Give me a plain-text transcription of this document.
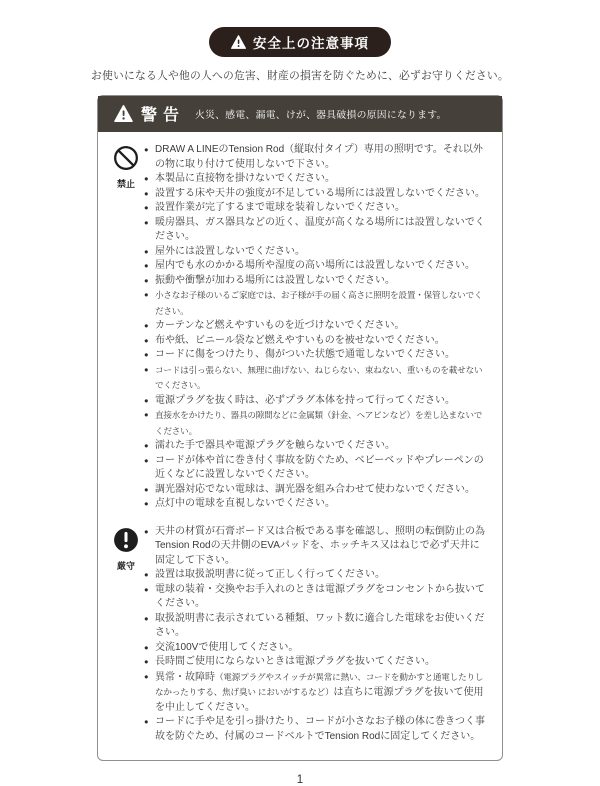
安全上の注意事項
お使いになる人や他の人への危害、財産の損害を防ぐために、必ずお守りください。
警告 火災、感電、漏電、けが、器具破損の原因になります。
禁止
● DRAW A LINEのTension Rod（縦取付タイプ）専用の照明です。それ以外の物に取り付けて使用しないで下さい。
● 本製品に直接物を掛けないでください。
● 設置する床や天井の強度が不足している場所には設置しないでください。
● 設置作業が完了するまで電球を装着しないでください。
● 暖房器具、ガス器具などの近く、温度が高くなる場所には設置しないでください。
● 屋外には設置しないでください。
● 屋内でも水のかかる場所や湿度の高い場所には設置しないでください。
● 振動や衝撃が加わる場所には設置しないでください。
● 小さなお子様のいるご家庭では、お子様が手の届く高さに照明を設置・保管しないでください。
● カーテンなど燃えやすいものを近づけないでください。
● 布や紙、ビニール袋など燃えやすいものを被せないでください。
● コードに傷をつけたり、傷がついた状態で通電しないでください。
● コードは引っ張らない、無理に曲げない、ねじらない、束ねない、重いものを載せないでください。
● 電源プラグを抜く時は、必ずプラグ本体を持って行ってください。
● 直接水をかけたり、器具の隙間などに金属類（針金、ヘアピンなど）を差し込まないでください。
● 濡れた手で器具や電源プラグを触らないでください。
● コードが体や首に巻き付く事故を防ぐため、ベビーベッドやプレーペンの近くなどに設置しないでください。
● 調光器対応でない電球は、調光器を組み合わせて使わないでください。
● 点灯中の電球を直視しないでください。
厳守
● 天井の材質が石膏ボード又は合板である事を確認し、照明の転倒防止の為Tension Rodの天井側のEVAパッドを、ホッチキス又はねじで必ず天井に固定して下さい。
● 設置は取扱説明書に従って正しく行ってください。
● 電球の装着・交換やお手入れのときは電源プラグをコンセントから抜いてください。
● 取扱説明書に表示されている種類、ワット数に適合した電球をお使いください。
● 交流100Vで使用してください。
● 長時間ご使用にならないときは電源プラグを抜いてください。
● 異常・故障時（電源プラグやスイッチが異常に熱い、コードを動かすと通電したりしなかったりする、焦げ臭い においがするなど）は直ちに電源プラグを抜いて使用を中止してください。
● コードに手や足を引っ掛けたり、コードが小さなお子様の体に巻きつく事故を防ぐため、付属のコードベルトでTension Rodに固定してください。
1
